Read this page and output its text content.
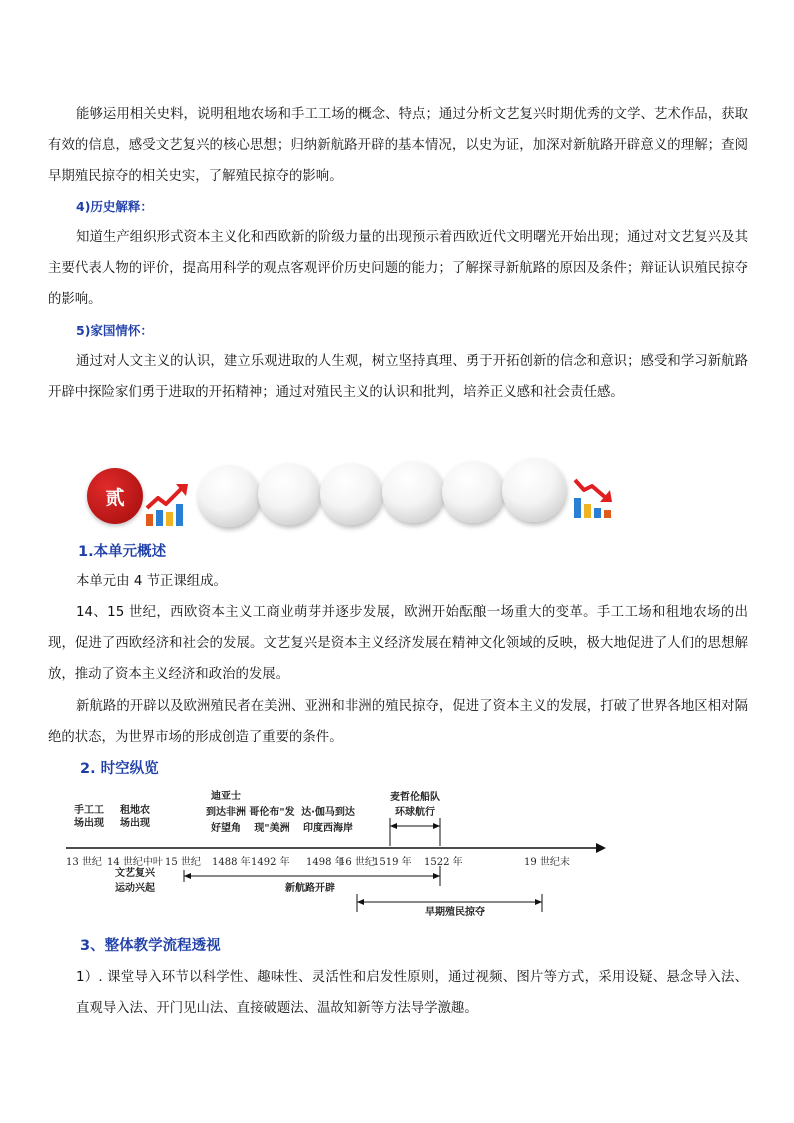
能够运用相关史料，说明租地农场和手工工场的概念、特点；通过分析文艺复兴时期优秀的文学、艺术作品，获取有效的信息，感受文艺复兴的核心思想；归纳新航路开辟的基本情况，以史为证，加深对新航路开辟意义的理解；查阅早期殖民掠夺的相关史实，了解殖民掠夺的影响。

4)历史解释：

知道生产组织形式资本主义化和西欧新的阶级力量的出现预示着西欧近代文明曙光开始出现；通过对文艺复兴及其主要代表人物的评价，提高用科学的观点客观评价历史问题的能力；了解探寻新航路的原因及条件；辩证认识殖民掠夺的影响。

5)家国情怀：

通过对人文主义的认识，建立乐观进取的人生观，树立坚持真理、勇于开拓创新的信念和意识；感受和学习新航路开辟中探险家们勇于进取的开拓精神；通过对殖民主义的认识和批判，培养正义感和社会责任感。

贰
1.本单元概述

本单元由 4 节正课组成。

14、15 世纪，西欧资本主义工商业萌芽并逐步发展，欧洲开始酝酿一场重大的变革。手工工场和租地农场的出现，促进了西欧经济和社会的发展。文艺复兴是资本主义经济发展在精神文化领域的反映，极大地促进了人们的思想解放，推动了资本主义经济和政治的发展。

新航路的开辟以及欧洲殖民者在美洲、亚洲和非洲的殖民掠夺，促进了资本主义的发展，打破了世界各地区相对隔绝的状态，为世界市场的形成创造了重要的条件。

2. 时空纵览
手工工
场出现
租地农
场出现
迪亚士
到达非洲
好望角
哥伦布"发
现"美洲
达·伽马到达
印度西海岸
麦哲伦船队
环球航行
13 世纪 14 世纪中叶 15 世纪 1488 年 1492 年 1498 年
16 世纪
1519 年 1522 年	19 世纪末
文艺复兴
运动兴起	新航路开辟
早期殖民掠夺
3、整体教学流程透视

1）. 课堂导入环节以科学性、趣味性、灵活性和启发性原则，通过视频、图片等方式，采用设疑、悬念导入法、直观导入法、开门见山法、直接破题法、温故知新等方法导学激趣。
